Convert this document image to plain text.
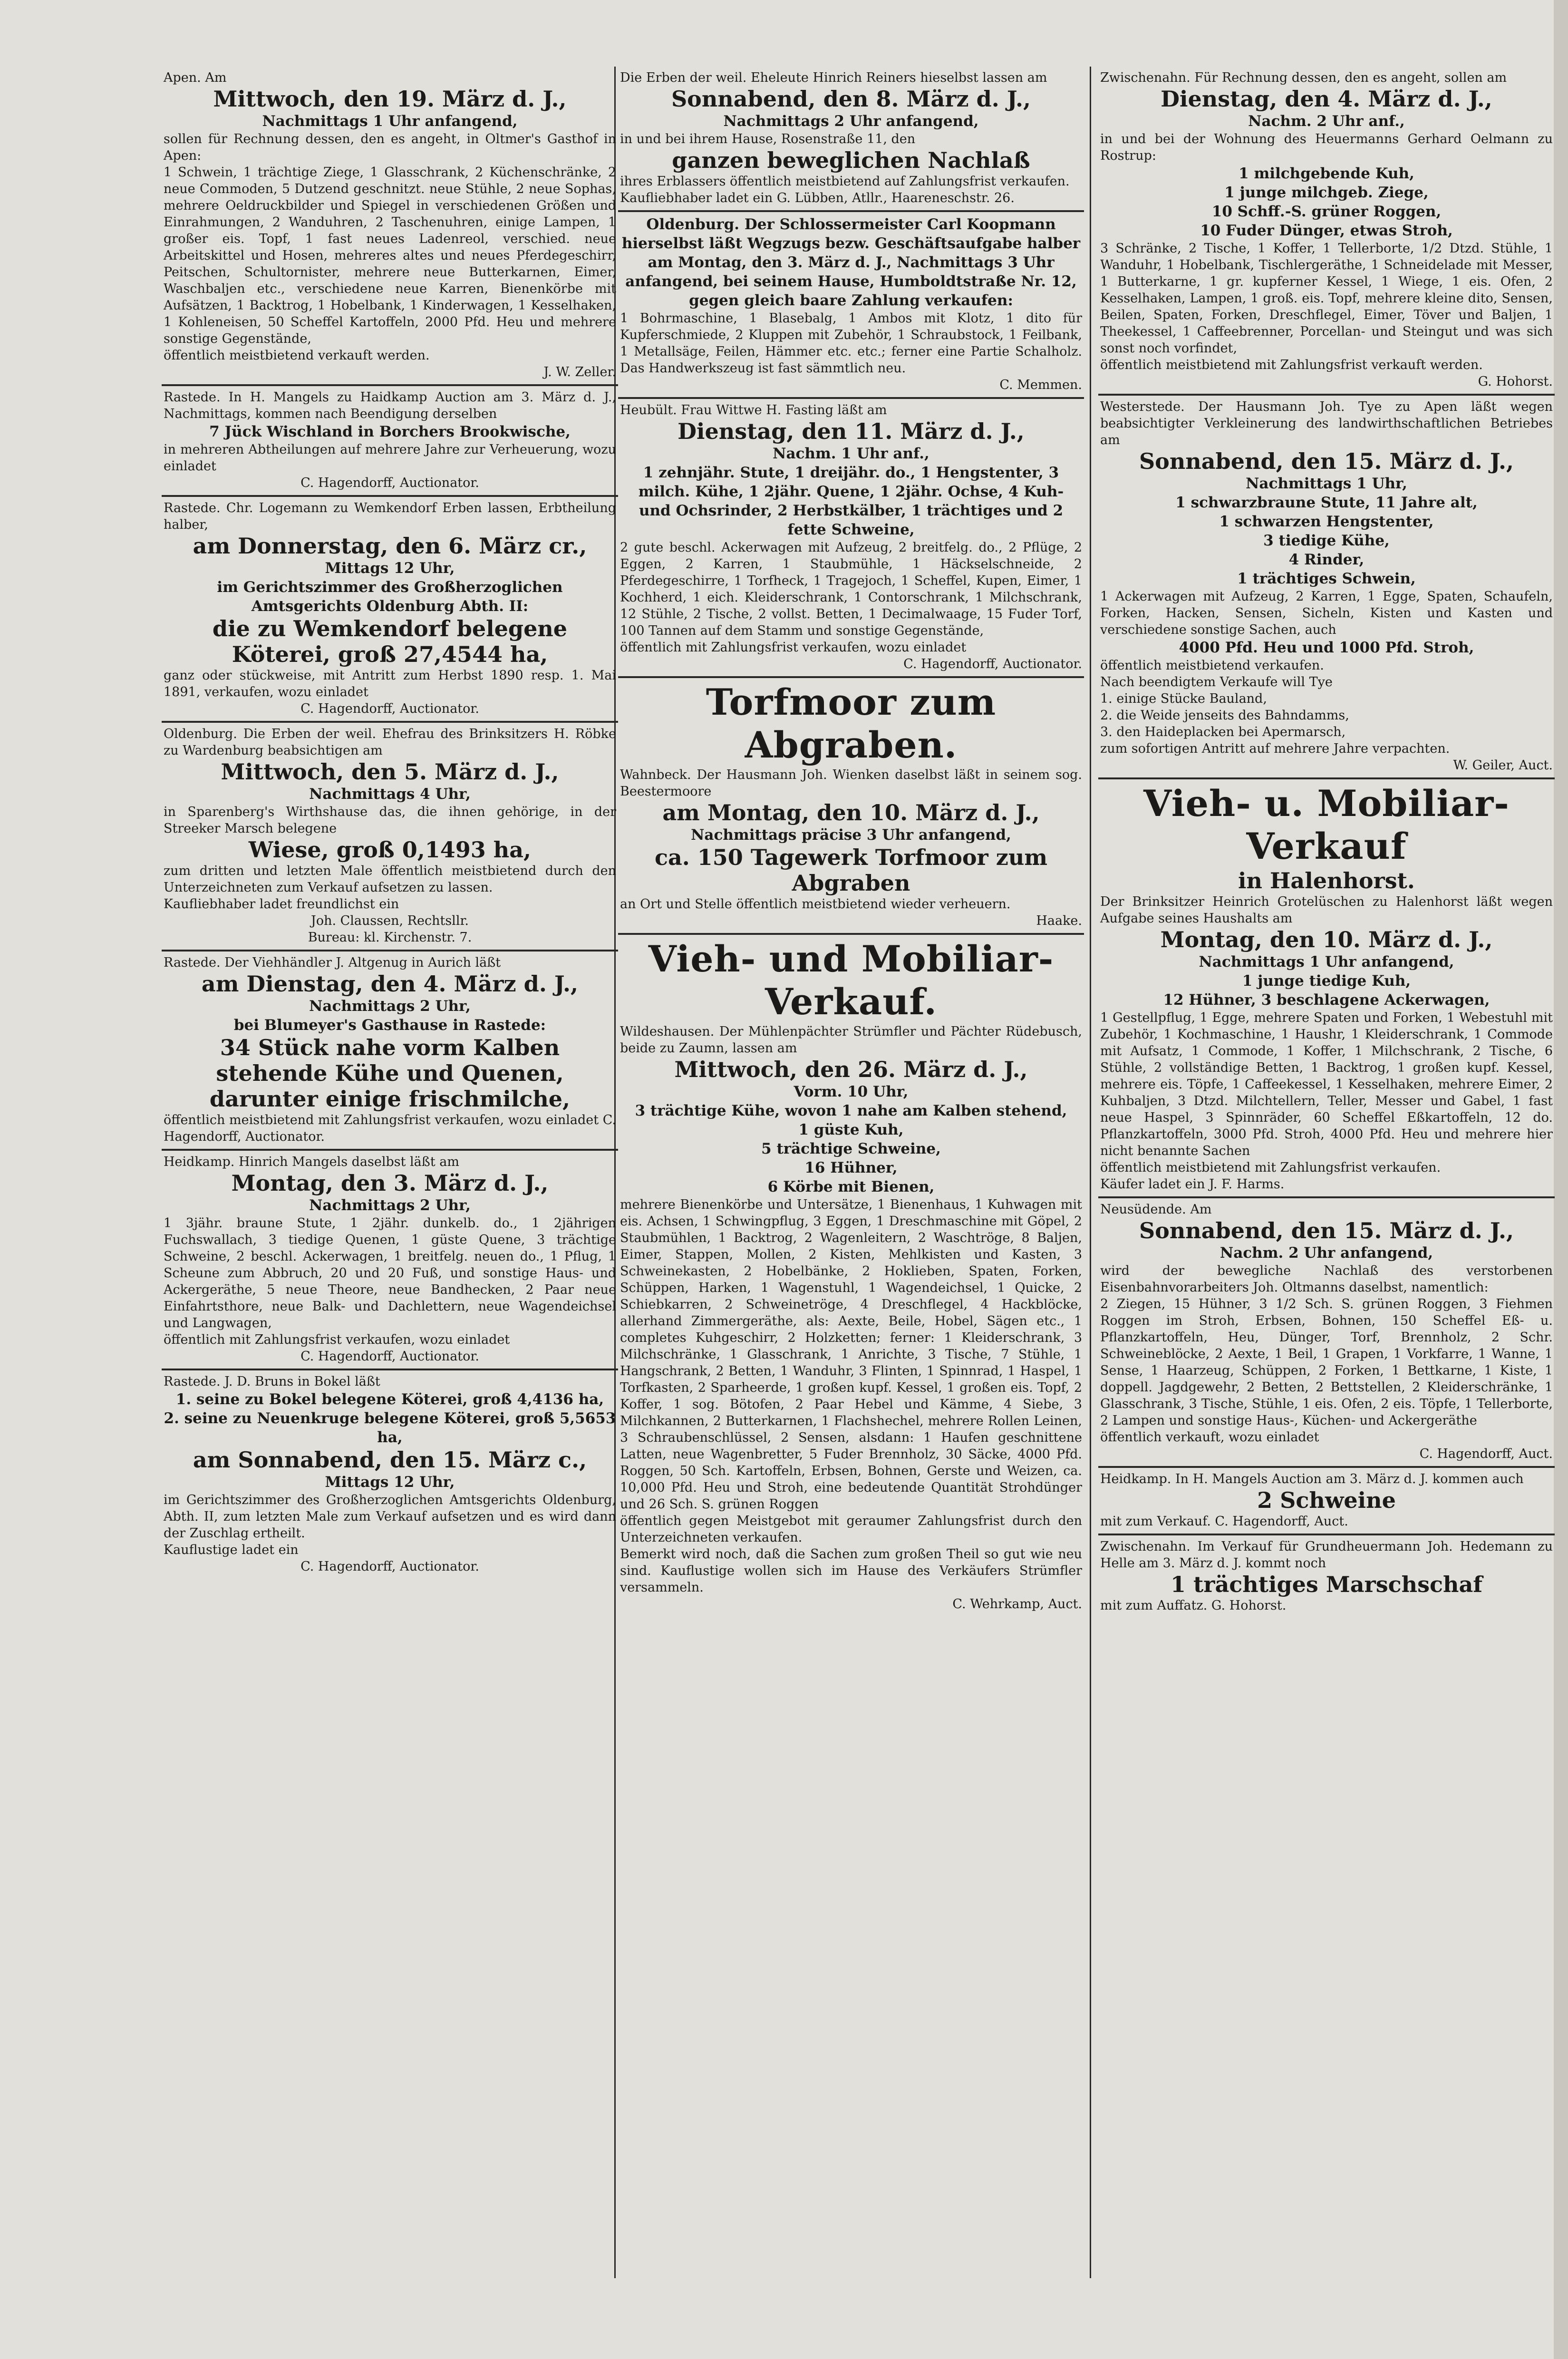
Apen. Am

Mittwoch, den 19. März d. J.,

Nachmittags 1 Uhr anfangend,

sollen für Rechnung dessen, den es angeht, in Oltmer's Gasthof in Apen:

1 Schwein, 1 trächtige Ziege, 1 Glasschrank, 2 Küchenschränke, 2 neue Commoden, 5 Dutzend geschnitzt. neue Stühle, 2 neue Sophas, mehrere Oeldruckbilder und Spiegel in verschiedenen Größen und Einrahmungen, 2 Wanduhren, 2 Taschenuhren, einige Lampen, 1 großer eis. Topf, 1 fast neues Ladenreol, verschied. neue Arbeitskittel und Hosen, mehreres altes und neues Pferdegeschirr, Peitschen, Schultornister, mehrere neue Butterkarnen, Eimer, Waschbaljen etc., verschiedene neue Karren, Bienenkörbe mit Aufsätzen, 1 Backtrog, 1 Hobelbank, 1 Kinderwagen, 1 Kesselhaken, 1 Kohleneisen, 50 Scheffel Kartoffeln, 2000 Pfd. Heu und mehrere sonstige Gegenstände,

öffentlich meistbietend verkauft werden.

J. W. Zeller.

Rastede. In H. Mangels zu Haidkamp Auction am 3. März d. J., Nachmittags, kommen nach Beendigung derselben

7 Jück Wischland in Borchers Brookwische,

in mehreren Abtheilungen auf mehrere Jahre zur Verheuerung, wozu einladet

C. Hagendorff, Auctionator.

Rastede. Chr. Logemann zu Wemkendorf Erben lassen, Erbtheilung halber,

am Donnerstag, den 6. März cr.,

Mittags 12 Uhr,

im Gerichtszimmer des Großherzoglichen Amtsgerichts Oldenburg Abth. II:

die zu Wemkendorf belegene Köterei, groß 27,4544 ha,

ganz oder stückweise, mit Antritt zum Herbst 1890 resp. 1. Mai 1891, verkaufen, wozu einladet

C. Hagendorff, Auctionator.

Oldenburg. Die Erben der weil. Ehefrau des Brinksitzers H. Röbke zu Wardenburg beabsichtigen am

Mittwoch, den 5. März d. J.,

Nachmittags 4 Uhr,

in Sparenberg's Wirthshause das, die ihnen gehörige, in der Streeker Marsch belegene

Wiese, groß 0,1493 ha,

zum dritten und letzten Male öffentlich meistbietend durch den Unterzeichneten zum Verkauf aufsetzen zu lassen.

Kaufliebhaber ladet freundlichst ein

Joh. Claussen, Rechtsllr.

Bureau: kl. Kirchenstr. 7.

Rastede. Der Viehhändler J. Altgenug in Aurich läßt

am Dienstag, den 4. März d. J.,

Nachmittags 2 Uhr,

bei Blumeyer's Gasthause in Rastede:

34 Stück nahe vorm Kalben stehende Kühe und Quenen, darunter einige frischmilche,

öffentlich meistbietend mit Zahlungsfrist verkaufen, wozu einladet C. Hagendorff, Auctionator.

Heidkamp. Hinrich Mangels daselbst läßt am

Montag, den 3. März d. J.,

Nachmittags 2 Uhr,

1 3jähr. braune Stute, 1 2jähr. dunkelb. do., 1 2jährigen Fuchswallach, 3 tiedige Quenen, 1 güste Quene, 3 trächtige Schweine, 2 beschl. Ackerwagen, 1 breitfelg. neuen do., 1 Pflug, 1 Scheune zum Abbruch, 20 und 20 Fuß, und sonstige Haus- und Ackergeräthe, 5 neue Theore, neue Bandhecken, 2 Paar neue Einfahrtsthore, neue Balk- und Dachlettern, neue Wagendeichsel und Langwagen,

öffentlich mit Zahlungsfrist verkaufen, wozu einladet

C. Hagendorff, Auctionator.

Rastede. J. D. Bruns in Bokel läßt

1. seine zu Bokel belegene Köterei, groß 4,4136 ha,

2. seine zu Neuenkruge belegene Köterei, groß 5,5653 ha,

am Sonnabend, den 15. März c.,

Mittags 12 Uhr,

im Gerichtszimmer des Großherzoglichen Amtsgerichts Oldenburg, Abth. II, zum letzten Male zum Verkauf aufsetzen und es wird dann der Zuschlag ertheilt.

Kauflustige ladet ein

C. Hagendorff, Auctionator.

Die Erben der weil. Eheleute Hinrich Reiners hieselbst lassen am

Sonnabend, den 8. März d. J.,

Nachmittags 2 Uhr anfangend,

in und bei ihrem Hause, Rosenstraße 11, den

ganzen beweglichen Nachlaß

ihres Erblassers öffentlich meistbietend auf Zahlungsfrist verkaufen.

Kaufliebhaber ladet ein G. Lübben, Atllr., Haareneschstr. 26.

Oldenburg. Der Schlossermeister Carl Koopmann hierselbst läßt Wegzugs bezw. Geschäftsaufgabe halber am Montag, den 3. März d. J., Nachmittags 3 Uhr anfangend, bei seinem Hause, Humboldtstraße Nr. 12, gegen gleich baare Zahlung verkaufen:

1 Bohrmaschine, 1 Blasebalg, 1 Ambos mit Klotz, 1 dito für Kupferschmiede, 2 Kluppen mit Zubehör, 1 Schraubstock, 1 Feilbank, 1 Metallsäge, Feilen, Hämmer etc. etc.; ferner eine Partie Schalholz. Das Handwerkszeug ist fast sämmtlich neu.

C. Memmen.

Heubült. Frau Wittwe H. Fasting läßt am

Dienstag, den 11. März d. J.,

Nachm. 1 Uhr anf.,

1 zehnjähr. Stute, 1 dreijähr. do., 1 Hengstenter, 3 milch. Kühe, 1 2jähr. Quene, 1 2jähr. Ochse, 4 Kuh- und Ochsrinder, 2 Herbstkälber, 1 trächtiges und 2 fette Schweine,

2 gute beschl. Ackerwagen mit Aufzeug, 2 breitfelg. do., 2 Pflüge, 2 Eggen, 2 Karren, 1 Staubmühle, 1 Häckselschneide, 2 Pferdegeschirre, 1 Torfheck, 1 Tragejoch, 1 Scheffel, Kupen, Eimer, 1 Kochherd, 1 eich. Kleiderschrank, 1 Contorschrank, 1 Milchschrank, 12 Stühle, 2 Tische, 2 vollst. Betten, 1 Decimalwaage, 15 Fuder Torf, 100 Tannen auf dem Stamm und sonstige Gegenstände,

öffentlich mit Zahlungsfrist verkaufen, wozu einladet

C. Hagendorff, Auctionator.

Torfmoor zum Abgraben.

Wahnbeck. Der Hausmann Joh. Wienken daselbst läßt in seinem sog. Beestermoore

am Montag, den 10. März d. J.,

Nachmittags präcise 3 Uhr anfangend,

ca. 150 Tagewerk Torfmoor zum Abgraben

an Ort und Stelle öffentlich meistbietend wieder verheuern.

Haake.

Vieh- und Mobiliar-Verkauf.

Wildeshausen. Der Mühlenpächter Strümfler und Pächter Rüdebusch, beide zu Zaumn, lassen am

Mittwoch, den 26. März d. J.,

Vorm. 10 Uhr,

3 trächtige Kühe, wovon 1 nahe am Kalben stehend,

1 güste Kuh,

5 trächtige Schweine,

16 Hühner,

6 Körbe mit Bienen,

mehrere Bienenkörbe und Untersätze, 1 Bienenhaus, 1 Kuhwagen mit eis. Achsen, 1 Schwingpflug, 3 Eggen, 1 Dreschmaschine mit Göpel, 2 Staubmühlen, 1 Backtrog, 2 Wagenleitern, 2 Waschtröge, 8 Baljen, Eimer, Stappen, Mollen, 2 Kisten, Mehlkisten und Kasten, 3 Schweinekasten, 2 Hobelbänke, 2 Hoklieben, Spaten, Forken, Schüppen, Harken, 1 Wagenstuhl, 1 Wagendeichsel, 1 Quicke, 2 Schiebkarren, 2 Schweinetröge, 4 Dreschflegel, 4 Hackblöcke, allerhand Zimmergeräthe, als: Aexte, Beile, Hobel, Sägen etc., 1 completes Kuhgeschirr, 2 Holzketten; ferner: 1 Kleiderschrank, 3 Milchschränke, 1 Glasschrank, 1 Anrichte, 3 Tische, 7 Stühle, 1 Hangschrank, 2 Betten, 1 Wanduhr, 3 Flinten, 1 Spinnrad, 1 Haspel, 1 Torfkasten, 2 Sparheerde, 1 großen kupf. Kessel, 1 großen eis. Topf, 2 Koffer, 1 sog. Bötofen, 2 Paar Hebel und Kämme, 4 Siebe, 3 Milchkannen, 2 Butterkarnen, 1 Flachshechel, mehrere Rollen Leinen, 3 Schraubenschlüssel, 2 Sensen, alsdann: 1 Haufen geschnittene Latten, neue Wagenbretter, 5 Fuder Brennholz, 30 Säcke, 4000 Pfd. Roggen, 50 Sch. Kartoffeln, Erbsen, Bohnen, Gerste und Weizen, ca. 10,000 Pfd. Heu und Stroh, eine bedeutende Quantität Strohdünger und 26 Sch. S. grünen Roggen

öffentlich gegen Meistgebot mit geraumer Zahlungsfrist durch den Unterzeichneten verkaufen.

Bemerkt wird noch, daß die Sachen zum großen Theil so gut wie neu sind. Kauflustige wollen sich im Hause des Verkäufers Strümfler versammeln.

C. Wehrkamp, Auct.

Zwischenahn. Für Rechnung dessen, den es angeht, sollen am

Dienstag, den 4. März d. J.,

Nachm. 2 Uhr anf.,

in und bei der Wohnung des Heuermanns Gerhard Oelmann zu Rostrup:

1 milchgebende Kuh,

1 junge milchgeb. Ziege,

10 Schff.-S. grüner Roggen,

10 Fuder Dünger, etwas Stroh,

3 Schränke, 2 Tische, 1 Koffer, 1 Tellerborte, 1/2 Dtzd. Stühle, 1 Wanduhr, 1 Hobelbank, Tischlergeräthe, 1 Schneidelade mit Messer, 1 Butterkarne, 1 gr. kupferner Kessel, 1 Wiege, 1 eis. Ofen, 2 Kesselhaken, Lampen, 1 groß. eis. Topf, mehrere kleine dito, Sensen, Beilen, Spaten, Forken, Dreschflegel, Eimer, Töver und Baljen, 1 Theekessel, 1 Caffeebrenner, Porcellan- und Steingut und was sich sonst noch vorfindet,

öffentlich meistbietend mit Zahlungsfrist verkauft werden.

G. Hohorst.

Westerstede. Der Hausmann Joh. Tye zu Apen läßt wegen beabsichtigter Verkleinerung des landwirthschaftlichen Betriebes am

Sonnabend, den 15. März d. J.,

Nachmittags 1 Uhr,

1 schwarzbraune Stute, 11 Jahre alt,

1 schwarzen Hengstenter,

3 tiedige Kühe,

4 Rinder,

1 trächtiges Schwein,

1 Ackerwagen mit Aufzeug, 2 Karren, 1 Egge, Spaten, Schaufeln, Forken, Hacken, Sensen, Sicheln, Kisten und Kasten und verschiedene sonstige Sachen, auch

4000 Pfd. Heu und 1000 Pfd. Stroh,

öffentlich meistbietend verkaufen.

Nach beendigtem Verkaufe will Tye

1. einige Stücke Bauland,

2. die Weide jenseits des Bahndamms,

3. den Haideplacken bei Apermarsch,

zum sofortigen Antritt auf mehrere Jahre verpachten.

W. Geiler, Auct.

Vieh- u. Mobiliar-Verkauf

in Halenhorst.

Der Brinksitzer Heinrich Grotelüschen zu Halenhorst läßt wegen Aufgabe seines Haushalts am

Montag, den 10. März d. J.,

Nachmittags 1 Uhr anfangend,

1 junge tiedige Kuh,

12 Hühner, 3 beschlagene Ackerwagen,

1 Gestellpflug, 1 Egge, mehrere Spaten und Forken, 1 Webestuhl mit Zubehör, 1 Kochmaschine, 1 Haushr, 1 Kleiderschrank, 1 Commode mit Aufsatz, 1 Commode, 1 Koffer, 1 Milchschrank, 2 Tische, 6 Stühle, 2 vollständige Betten, 1 Backtrog, 1 großen kupf. Kessel, mehrere eis. Töpfe, 1 Caffeekessel, 1 Kesselhaken, mehrere Eimer, 2 Kuhbaljen, 3 Dtzd. Milchtellern, Teller, Messer und Gabel, 1 fast neue Haspel, 3 Spinnräder, 60 Scheffel Eßkartoffeln, 12 do. Pflanzkartoffeln, 3000 Pfd. Stroh, 4000 Pfd. Heu und mehrere hier nicht benannte Sachen

öffentlich meistbietend mit Zahlungsfrist verkaufen.

Käufer ladet ein J. F. Harms.

Neusüdende. Am

Sonnabend, den 15. März d. J.,

Nachm. 2 Uhr anfangend,

wird der bewegliche Nachlaß des verstorbenen Eisenbahnvorarbeiters Joh. Oltmanns daselbst, namentlich:

2 Ziegen, 15 Hühner, 3 1/2 Sch. S. grünen Roggen, 3 Fiehmen Roggen im Stroh, Erbsen, Bohnen, 150 Scheffel Eß- u. Pflanzkartoffeln, Heu, Dünger, Torf, Brennholz, 2 Schr. Schweineblöcke, 2 Aexte, 1 Beil, 1 Grapen, 1 Vorkfarre, 1 Wanne, 1 Sense, 1 Haarzeug, Schüppen, 2 Forken, 1 Bettkarne, 1 Kiste, 1 doppell. Jagdgewehr, 2 Betten, 2 Bettstellen, 2 Kleiderschränke, 1 Glasschrank, 3 Tische, Stühle, 1 eis. Ofen, 2 eis. Töpfe, 1 Tellerborte, 2 Lampen und sonstige Haus-, Küchen- und Ackergeräthe

öffentlich verkauft, wozu einladet

C. Hagendorff, Auct.

Heidkamp. In H. Mangels Auction am 3. März d. J. kommen auch

2 Schweine

mit zum Verkauf. C. Hagendorff, Auct.

Zwischenahn. Im Verkauf für Grundheuermann Joh. Hedemann zu Helle am 3. März d. J. kommt noch

1 trächtiges Marschschaf

mit zum Auffatz. G. Hohorst.
